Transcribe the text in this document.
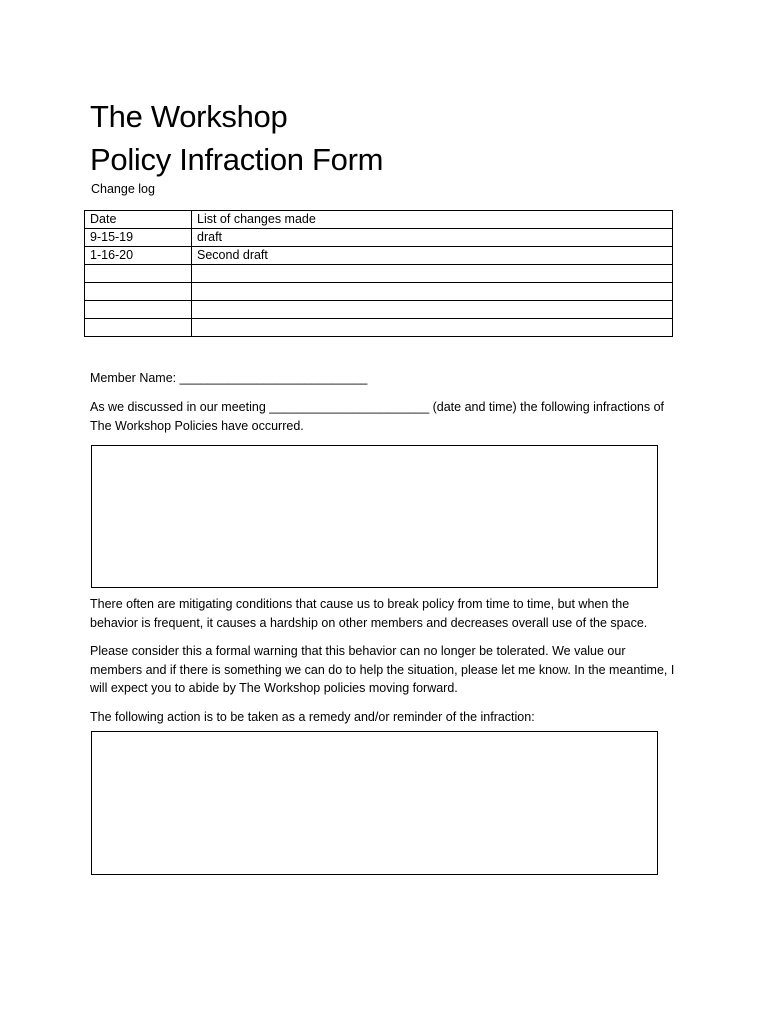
The Workshop
Policy Infraction Form
Change log
Date	List of changes made
9-15-19	draft
1-16-20	Second draft

Member Name: ___________________________
As we discussed in our meeting _______________________ (date and time) the following infractions of The Workshop Policies have occurred.
There often are mitigating conditions that cause us to break policy from time to time, but when the behavior is frequent, it causes a hardship on other members and decreases overall use of the space.
Please consider this a formal warning that this behavior can no longer be tolerated. We value our members and if there is something we can do to help the situation, please let me know. In the meantime, I will expect you to abide by The Workshop policies moving forward.
The following action is to be taken as a remedy and/or reminder of the infraction:
